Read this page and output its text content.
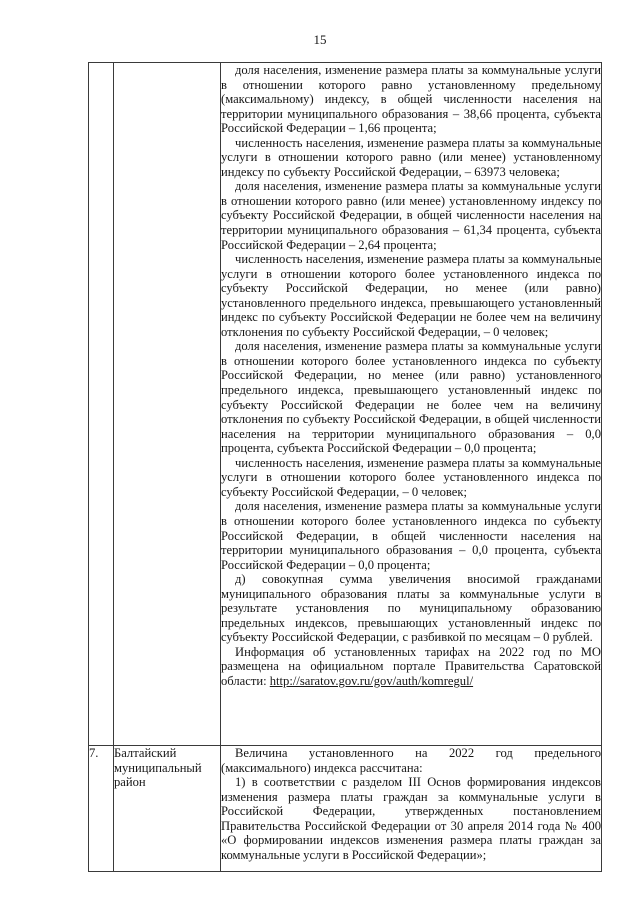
15

доля населения, изменение размера платы за коммунальные услуги в отношении которого равно установленному предельному (максимальному) индексу, в общей численности населения на территории муниципального образования – 38,66 процента, субъекта Российской Федерации – 1,66 процента;

численность населения, изменение размера платы за коммунальные услуги в отношении которого равно (или менее) установленному индексу по субъекту Российской Федерации, – 63973 человека;

доля населения, изменение размера платы за коммунальные услуги в отношении которого равно (или менее) установленному индексу по субъекту Российской Федерации, в общей численности населения на территории муниципального образования – 61,34 процента, субъекта Российской Федерации – 2,64 процента;

численность населения, изменение размера платы за коммунальные услуги в отношении которого более установленного индекса по субъекту Российской Федерации, но менее (или равно) установленного предельного индекса, превышающего установленный индекс по субъекту Российской Федерации не более чем на величину отклонения по субъекту Российской Федерации, – 0 человек;

доля населения, изменение размера платы за коммунальные услуги в отношении которого более установленного индекса по субъекту Российской Федерации, но менее (или равно) установленного предельного индекса, превышающего установленный индекс по субъекту Российской Федерации не более чем на величину отклонения по субъекту Российской Федерации, в общей численности населения на территории муниципального образования – 0,0 процента, субъекта Российской Федерации – 0,0 процента;

численность населения, изменение размера платы за коммунальные услуги в отношении которого более установленного индекса по субъекту Российской Федерации, – 0 человек;

доля населения, изменение размера платы за коммунальные услуги в отношении которого более установленного индекса по субъекту Российской Федерации, в общей численности населения на территории муниципального образования – 0,0 процента, субъекта Российской Федерации – 0,0 процента;

д) совокупная сумма увеличения вносимой гражданами муниципального образования платы за коммунальные услуги в результате установления по муниципальному образованию предельных индексов, превышающих установленный индекс по субъекту Российской Федерации, с разбивкой по месяцам – 0 рублей.

Информация об установленных тарифах на 2022 год по МО размещена на официальном портале Правительства Саратовской области: http://saratov.gov.ru/gov/auth/komregul/

7.	Балтайский муниципальный район	Величина установленного на 2022 год предельного (максимального) индекса рассчитана:

1) в соответствии с разделом III Основ формирования индексов изменения размера платы граждан за коммунальные услуги в Российской Федерации, утвержденных постановлением Правительства Российской Федерации от 30 апреля 2014 года № 400 «О формировании индексов изменения размера платы граждан за коммунальные услуги в Российской Федерации»;
